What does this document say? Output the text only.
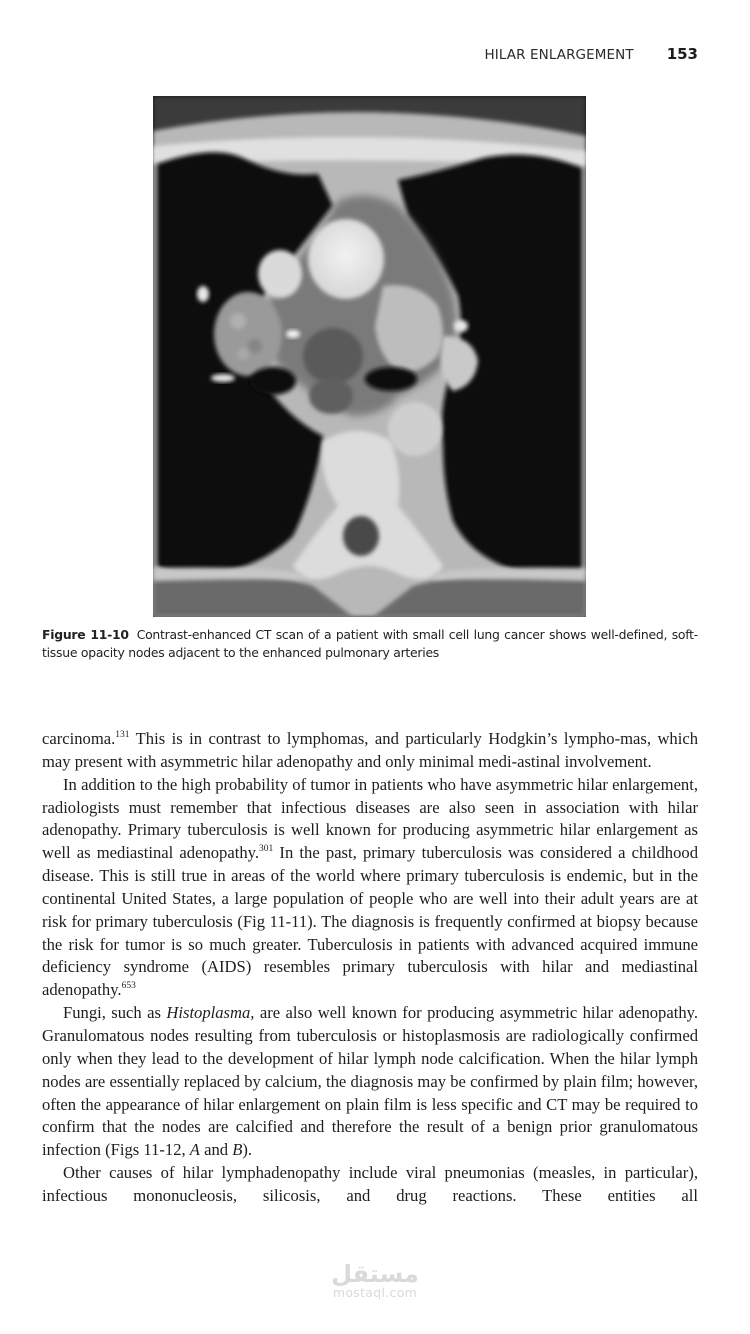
HILAR ENLARGEMENT 153
Figure 11-10 Contrast-enhanced CT scan of a patient with small cell lung cancer shows well-defined, soft-tissue opacity nodes adjacent to the enhanced pulmonary arteries

carcinoma.$^{131}$ This is in contrast to lymphomas, and particularly Hodgkin’s lympho-mas, which may present with asymmetric hilar adenopathy and only minimal medi-astinal involvement.

In addition to the high probability of tumor in patients who have asymmetric hilar enlargement, radiologists must remember that infectious diseases are also seen in association with hilar adenopathy. Primary tuberculosis is well known for producing asymmetric hilar enlargement as well as mediastinal adenopathy.$^{301}$ In the past, primary tuberculosis was considered a childhood disease. This is still true in areas of the world where primary tuberculosis is endemic, but in the continental United States, a large population of people who are well into their adult years are at risk for primary tuberculosis (Fig 11-11). The diagnosis is frequently confirmed at biopsy because the risk for tumor is so much greater. Tuberculosis in patients with advanced acquired immune deficiency syndrome (AIDS) resembles primary tuberculosis with hilar and mediastinal adenopathy.$^{653}$

Fungi, such as Histoplasma, are also well known for producing asymmetric hilar adenopathy. Granulomatous nodes resulting from tuberculosis or histoplasmosis are radiologically confirmed only when they lead to the development of hilar lymph node calcification. When the hilar lymph nodes are essentially replaced by calcium, the diagnosis may be confirmed by plain film; however, often the appearance of hilar enlargement on plain film is less specific and CT may be required to confirm that the nodes are calcified and therefore the result of a benign prior granulomatous infection (Figs 11-12, A and B).

Other causes of hilar lymphadenopathy include viral pneumonias (measles, in particular), infectious mononucleosis, silicosis, and drug reactions. These entities all

مستقل
mostaql.com
